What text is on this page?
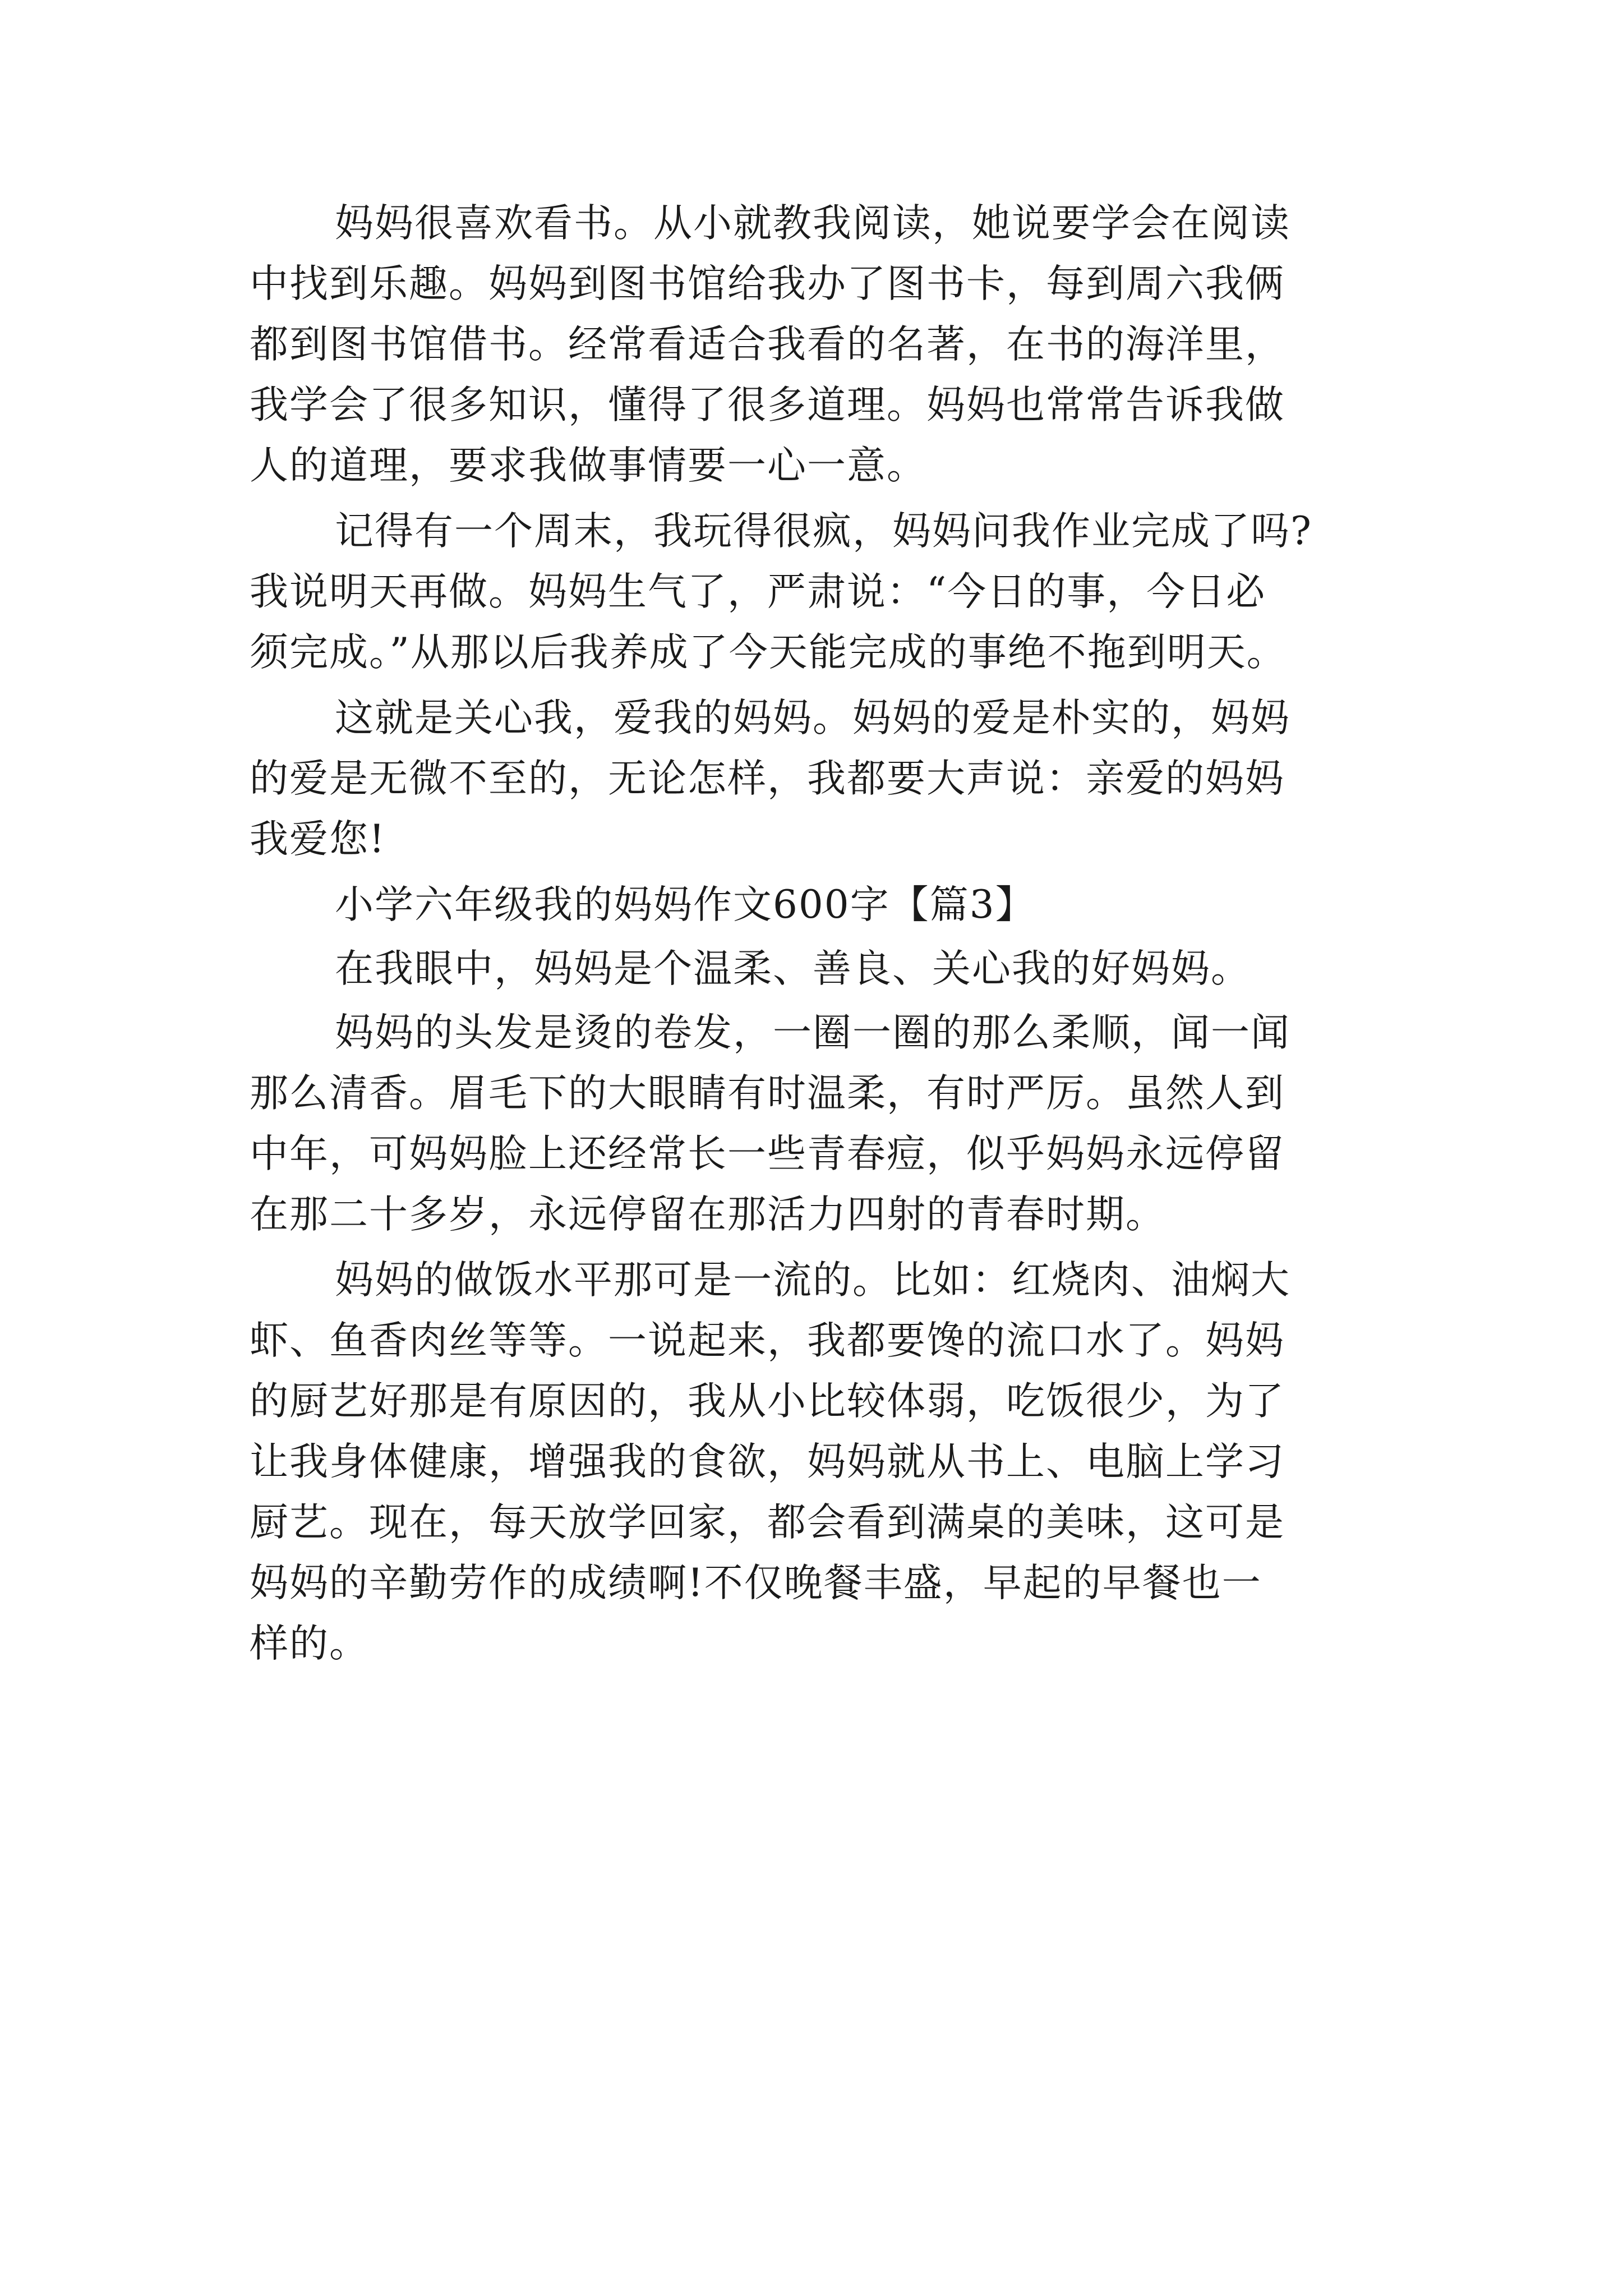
妈妈很喜欢看书。从小就教我阅读，她说要学会在阅读
中找到乐趣。妈妈到图书馆给我办了图书卡，每到周六我俩
都到图书馆借书。经常看适合我看的名著，在书的海洋里，
我学会了很多知识，懂得了很多道理。妈妈也常常告诉我做
人的道理，要求我做事情要一心一意。
记得有一个周末，我玩得很疯，妈妈问我作业完成了吗?
我说明天再做。妈妈生气了，严肃说：“今日的事，今日必
须完成。”从那以后我养成了今天能完成的事绝不拖到明天。
这就是关心我，爱我的妈妈。妈妈的爱是朴实的，妈妈
的爱是无微不至的，无论怎样，我都要大声说：亲爱的妈妈
我爱您!
小学六年级我的妈妈作文600字【篇3】
在我眼中，妈妈是个温柔、善良、关心我的好妈妈。
妈妈的头发是烫的卷发，一圈一圈的那么柔顺，闻一闻
那么清香。眉毛下的大眼睛有时温柔，有时严厉。虽然人到
中年，可妈妈脸上还经常长一些青春痘，似乎妈妈永远停留
在那二十多岁，永远停留在那活力四射的青春时期。
妈妈的做饭水平那可是一流的。比如：红烧肉、油焖大
虾、鱼香肉丝等等。一说起来，我都要馋的流口水了。妈妈
的厨艺好那是有原因的，我从小比较体弱，吃饭很少，为了
让我身体健康，增强我的食欲，妈妈就从书上、电脑上学习
厨艺。现在，每天放学回家，都会看到满桌的美味，这可是
妈妈的辛勤劳作的成绩啊!不仅晚餐丰盛，早起的早餐也一
样的。
